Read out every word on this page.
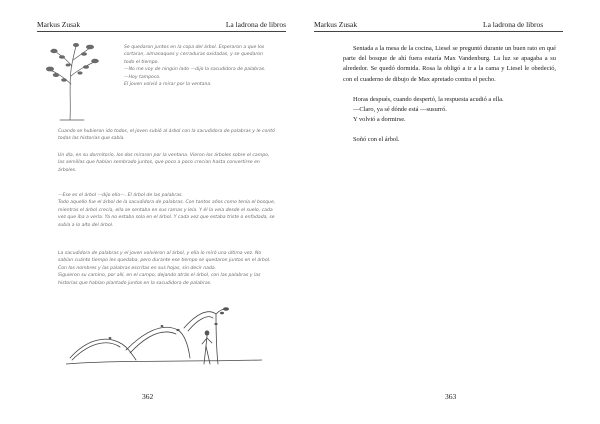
Markus Zusak	La ladrona de libros

Se quedaron juntos en la copa del árbol. Esperaron a que los cortaran, almanaques y cerraduras oxidadas, y se quedaron todo el tiempo.
—No me voy de ningún lado —dijo la sacudidora de palabras.
—Hoy tampoco.
El joven volvió a mirar por la ventana.

Cuando se hubieron ido todos, el joven subió al árbol con la sacudidora de palabras y le contó todas las historias que sabía.

Un día, en su dormitorio, los dos miraron por la ventana. Vieron los árboles sobre el campo, las semillas que habían sembrado juntos, que poco a poco crecían hasta convertirse en árboles.

—Ese es el árbol —dijo ella—. El árbol de las palabras.
Todo aquello fue el árbol de la sacudidora de palabras. Con tantos años como tenía el bosque, mientras el árbol crecía, ella se sentaba en sus ramas y leía. Y él la veía desde el suelo, cada vez que iba a verla. Ya no estaba sola en el árbol. Y cada vez que estaba triste o enfadada, se subía a lo alto del árbol.

La sacudidora de palabras y el joven volvieron al árbol, y ella lo miró una última vez. No sabían cuánto tiempo les quedaba, pero durante ese tiempo se quedaron juntos en el árbol. Con los nombres y las palabras escritas en sus hojas, sin decir nada.
Siguieron su camino, por allí, en el campo, dejando atrás el árbol, con las palabras y las historias que habían plantado juntos en la sacudidora de palabras.

362
Markus Zusak	La ladrona de libros
363

Sentada a la mesa de la cocina, Liesel se preguntó durante un buen rato en qué parte del bosque de ahí fuera estaría Max Vandenburg. La luz se apagaba a su alrededor. Se quedó dormida. Rosa la obligó a ir a la cama y Liesel le obedeció, con el cuaderno de dibujo de Max apretado contra el pecho.

Horas después, cuando despertó, la respuesta acudió a ella.

—Claro, ya sé dónde está —susurró.

Y volvió a dormirse.

Soñó con el árbol.
